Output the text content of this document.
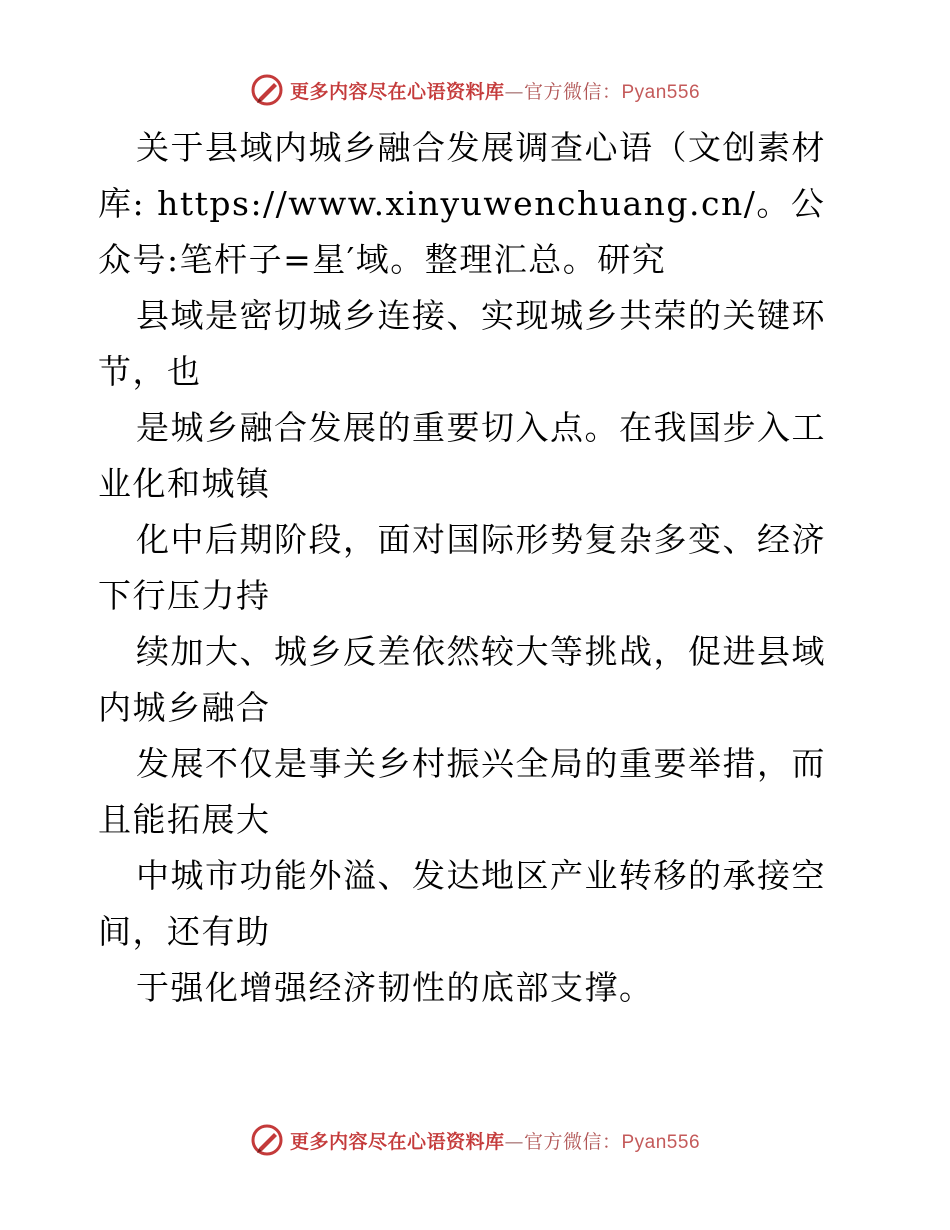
更多内容尽在心语资料库—官方微信：Pyan556

关于县域内城乡融合发展调查心语（文创素材库: https://www.xinyuwenchuang.cn/。公众号:笔杆子=星′域。整理汇总。研究

县域是密切城乡连接、实现城乡共荣的关键环节，也

是城乡融合发展的重要切入点。在我国步入工业化和城镇

化中后期阶段，面对国际形势复杂多变、经济下行压力持

续加大、城乡反差依然较大等挑战，促进县域内城乡融合

发展不仅是事关乡村振兴全局的重要举措，而且能拓展大

中城市功能外溢、发达地区产业转移的承接空间，还有助

于强化增强经济韧性的底部支撑。

更多内容尽在心语资料库—官方微信：Pyan556
